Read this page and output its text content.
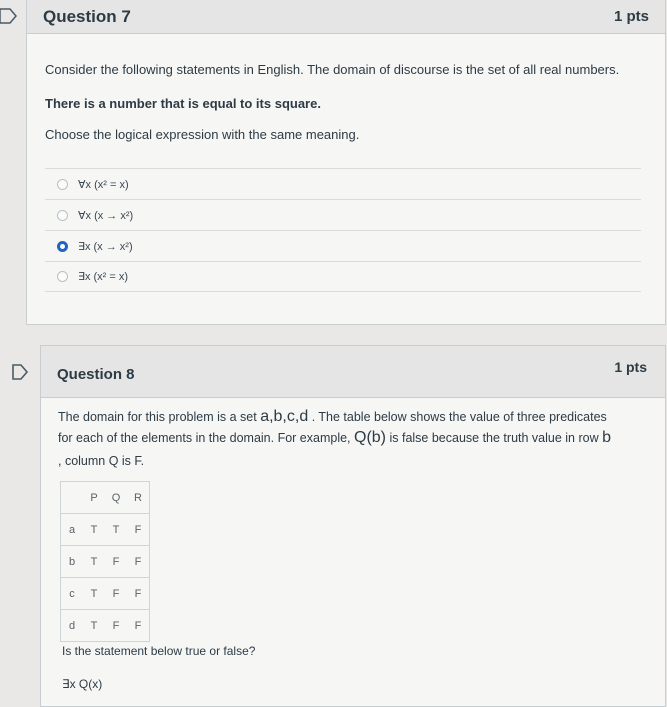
Question 7	1 pts
Consider the following statements in English. The domain of discourse is the set of all real numbers.
There is a number that is equal to its square.
Choose the logical expression with the same meaning.
∀x (x² = x)
∀x (x → x²)
∃x (x → x²)
∃x (x² = x)
Question 8	1 pts
The domain for this problem is a set a,b,c,d . The table below shows the value of three predicates
for each of the elements in the domain. For example, Q(b) is false because the truth value in row b
, column Q is F.
	P	Q	R
a	T	T	F
b	T	F	F
c	T	F	F
d	T	F	F
Is the statement below true or false?
∃x Q(x)
